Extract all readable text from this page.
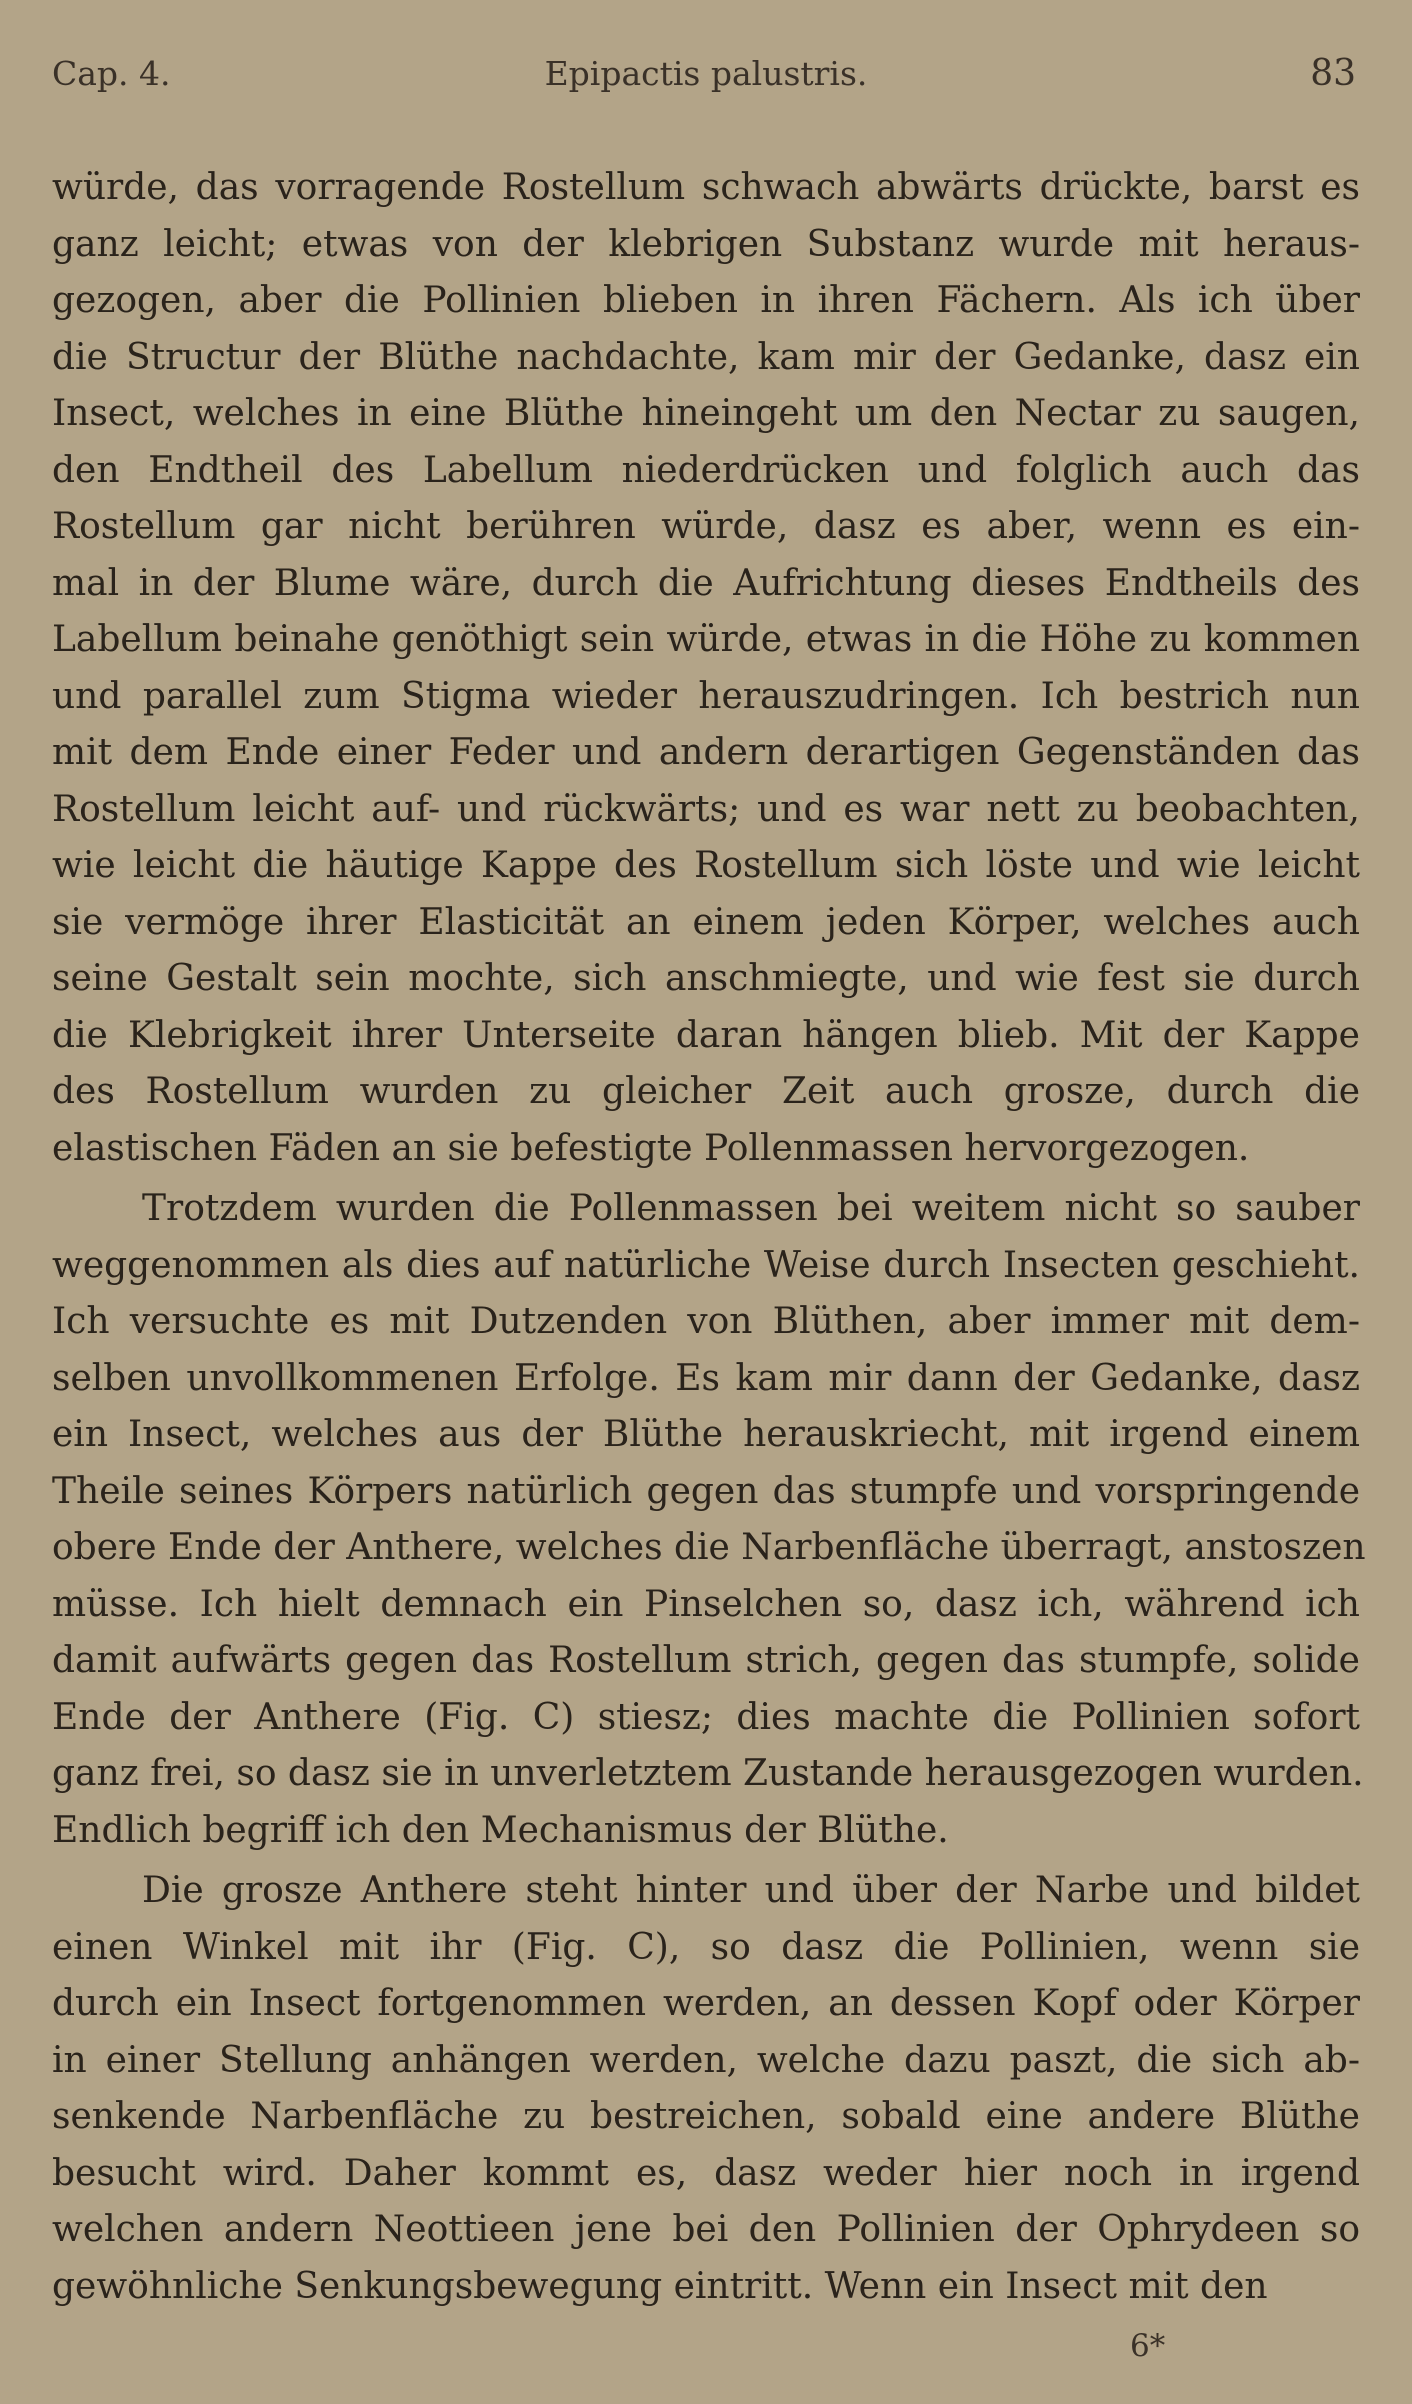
Cap. 4.	Epipactis palustris.	83
würde, das vorragende Rostellum schwach abwärts drückte, barst es
ganz leicht; etwas von der klebrigen Substanz wurde mit heraus-
gezogen, aber die Pollinien blieben in ihren Fächern. Als ich über
die Structur der Blüthe nachdachte, kam mir der Gedanke, dasz ein
Insect, welches in eine Blüthe hineingeht um den Nectar zu saugen,
den Endtheil des Labellum niederdrücken und folglich auch das
Rostellum gar nicht berühren würde, dasz es aber, wenn es ein-
mal in der Blume wäre, durch die Aufrichtung dieses Endtheils des
Labellum beinahe genöthigt sein würde, etwas in die Höhe zu kommen
und parallel zum Stigma wieder herauszudringen. Ich bestrich nun
mit dem Ende einer Feder und andern derartigen Gegenständen das
Rostellum leicht auf- und rückwärts; und es war nett zu beobachten,
wie leicht die häutige Kappe des Rostellum sich löste und wie leicht
sie vermöge ihrer Elasticität an einem jeden Körper, welches auch
seine Gestalt sein mochte, sich anschmiegte, und wie fest sie durch
die Klebrigkeit ihrer Unterseite daran hängen blieb. Mit der Kappe
des Rostellum wurden zu gleicher Zeit auch grosze, durch die
elastischen Fäden an sie befestigte Pollenmassen hervorgezogen.
Trotzdem wurden die Pollenmassen bei weitem nicht so sauber
weggenommen als dies auf natürliche Weise durch Insecten geschieht.
Ich versuchte es mit Dutzenden von Blüthen, aber immer mit dem-
selben unvollkommenen Erfolge. Es kam mir dann der Gedanke, dasz
ein Insect, welches aus der Blüthe herauskriecht, mit irgend einem
Theile seines Körpers natürlich gegen das stumpfe und vorspringende
obere Ende der Anthere, welches die Narbenfläche überragt, anstoszen
müsse. Ich hielt demnach ein Pinselchen so, dasz ich, während ich
damit aufwärts gegen das Rostellum strich, gegen das stumpfe, solide
Ende der Anthere (Fig. C) stiesz; dies machte die Pollinien sofort
ganz frei, so dasz sie in unverletztem Zustande herausgezogen wurden.
Endlich begriff ich den Mechanismus der Blüthe.
Die grosze Anthere steht hinter und über der Narbe und bildet
einen Winkel mit ihr (Fig. C), so dasz die Pollinien, wenn sie
durch ein Insect fortgenommen werden, an dessen Kopf oder Körper
in einer Stellung anhängen werden, welche dazu paszt, die sich ab-
senkende Narbenfläche zu bestreichen, sobald eine andere Blüthe
besucht wird. Daher kommt es, dasz weder hier noch in irgend
welchen andern Neottieen jene bei den Pollinien der Ophrydeen so
gewöhnliche Senkungsbewegung eintritt. Wenn ein Insect mit den
6*
